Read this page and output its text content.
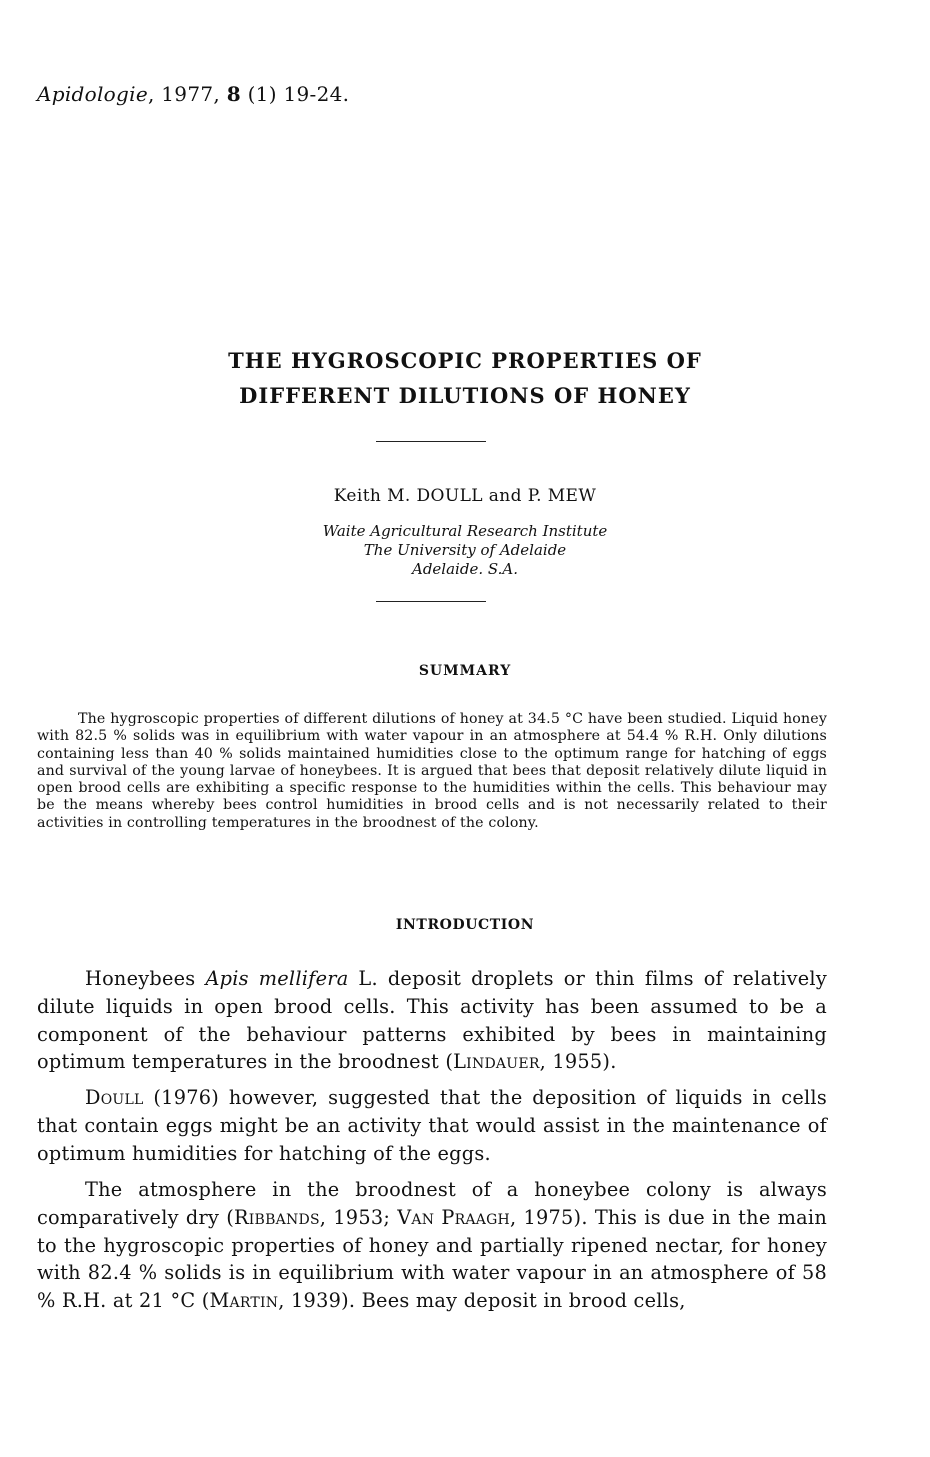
Apidologie, 1977, 8 (1) 19-24.
THE HYGROSCOPIC PROPERTIES OF
DIFFERENT DILUTIONS OF HONEY
Keith M. DOULL and P. MEW
Waite Agricultural Research Institute
The University of Adelaide
Adelaide. S.A.
SUMMARY
The hygroscopic properties of different dilutions of honey at 34.5 °C have been studied. Liquid honey with 82.5 % solids was in equilibrium with water vapour in an atmosphere at 54.4 % R.H. Only dilutions containing less than 40 % solids maintained humidities close to the optimum range for hatching of eggs and survival of the young larvae of honeybees. It is argued that bees that deposit relatively dilute liquid in open brood cells are exhibiting a specific response to the humidities within the cells. This behaviour may be the means whereby bees control humidities in brood cells and is not necessarily related to their activities in controlling temperatures in the broodnest of the colony.
INTRODUCTION
Honeybees Apis mellifera L. deposit droplets or thin films of relatively dilute liquids in open brood cells. This activity has been assumed to be a component of the behaviour patterns exhibited by bees in maintaining optimum temperatures in the broodnest (Lindauer, 1955).
Doull (1976) however, suggested that the deposition of liquids in cells that contain eggs might be an activity that would assist in the maintenance of optimum humidities for hatching of the eggs.
The atmosphere in the broodnest of a honeybee colony is always comparatively dry (Ribbands, 1953; Van Praagh, 1975). This is due in the main to the hygroscopic properties of honey and partially ripened nectar, for honey with 82.4 % solids is in equilibrium with water vapour in an atmosphere of 58 % R.H. at 21 °C (Martin, 1939). Bees may deposit in brood cells,
